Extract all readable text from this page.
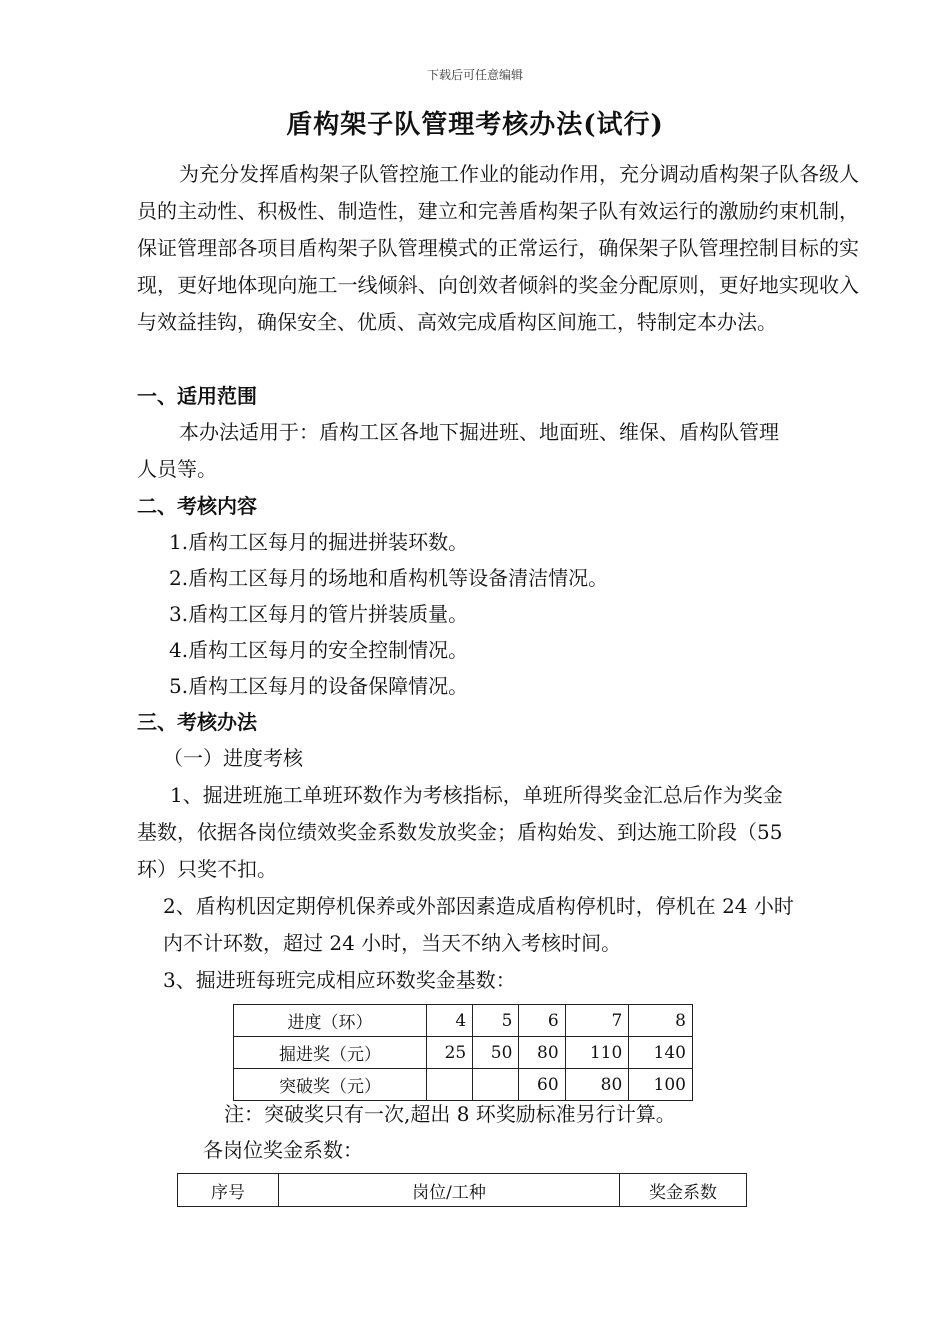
下载后可任意编辑
盾构架子队管理考核办法(试行)
为充分发挥盾构架子队管控施工作业的能动作用，充分调动盾构架子队各级人员的主动性、积极性、制造性，建立和完善盾构架子队有效运行的激励约束机制，保证管理部各项目盾构架子队管理模式的正常运行，确保架子队管理控制目标的实现，更好地体现向施工一线倾斜、向创效者倾斜的奖金分配原则，更好地实现收入与效益挂钩，确保安全、优质、高效完成盾构区间施工，特制定本办法。
一、适用范围
本办法适用于：盾构工区各地下掘进班、地面班、维保、盾构队管理
人员等。
二、考核内容
1.盾构工区每月的掘进拼装环数。
2.盾构工区每月的场地和盾构机等设备清洁情况。
3.盾构工区每月的管片拼装质量。
4.盾构工区每月的安全控制情况。
5.盾构工区每月的设备保障情况。
三、考核办法
（一）进度考核
1、掘进班施工单班环数作为考核指标，单班所得奖金汇总后作为奖金
基数，依据各岗位绩效奖金系数发放奖金；盾构始发、到达施工阶段（55
环）只奖不扣。
2、盾构机因定期停机保养或外部因素造成盾构停机时，停机在 24 小时
内不计环数，超过 24 小时，当天不纳入考核时间。
3、掘进班每班完成相应环数奖金基数：
进度（环）	4	5	6	7	8
掘进奖（元）	25	50	80	110	140
突破奖（元）			60	80	100
注：突破奖只有一次,超出 8 环奖励标准另行计算。
各岗位奖金系数：
序号	岗位/工种	奖金系数
